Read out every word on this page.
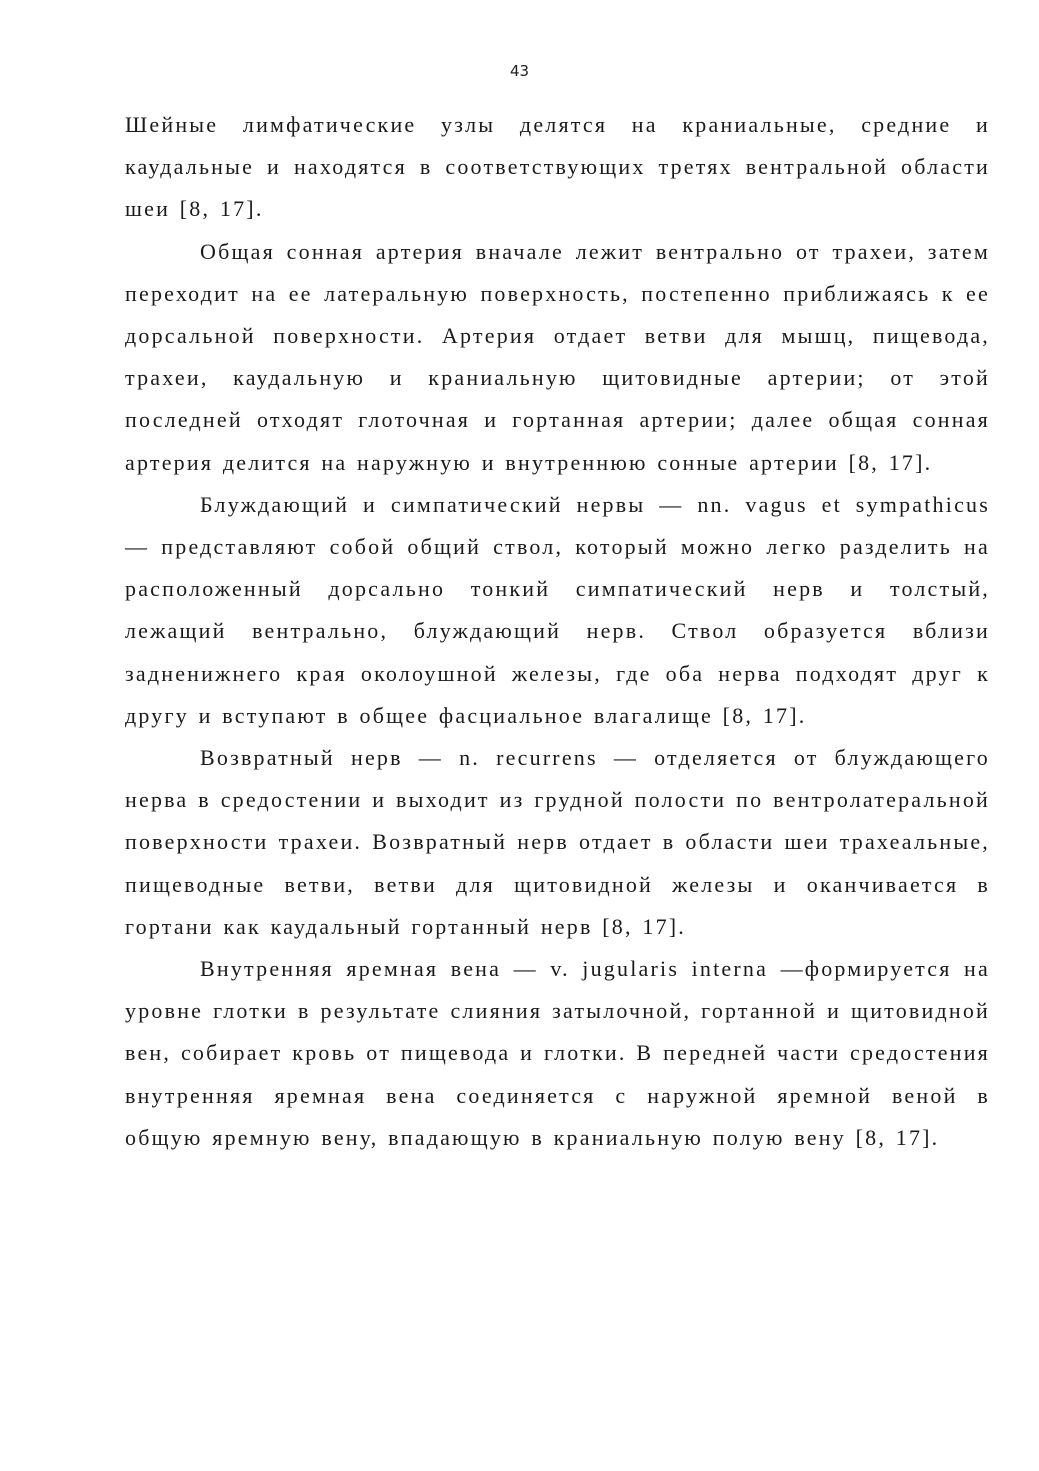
43

Шейные лимфатические узлы делятся на краниальные, средние и каудальные и находятся в соответствующих третях вентральной области шеи [8, 17].

Общая сонная артерия вначале лежит вентрально от трахеи, затем переходит на ее латеральную поверхность, постепенно приближаясь к ее дорсальной поверхности. Артерия отдает ветви для мышц, пищевода, трахеи, каудальную и краниальную щитовидные артерии; от этой последней отходят глоточная и гортанная артерии; далее общая сонная артерия делится на наружную и внутреннюю сонные артерии [8, 17].

Блуждающий и симпатический нервы — nn. vagus et sympathicus — представляют собой общий ствол, который можно легко разделить на расположенный дорсально тонкий симпатический нерв и толстый, лежащий вентрально, блуждающий нерв. Ствол образуется вблизи задненижнего края околоушной железы, где оба нерва подходят друг к другу и вступают в общее фасциальное влагалище [8, 17].

Возвратный нерв — n. recurrens — отделяется от блуждающего нерва в средостении и выходит из грудной полости по вентролатеральной поверхности трахеи. Возвратный нерв отдает в области шеи трахеальные, пищеводные ветви, ветви для щитовидной железы и оканчивается в гортани как каудальный гортанный нерв [8, 17].

Внутренняя яремная вена — v. jugularis interna —формируется на уровне глотки в результате слияния затылочной, гортанной и щитовидной вен, собирает кровь от пищевода и глотки. В передней части средостения внутренняя яремная вена соединяется с наружной яремной веной в общую яремную вену, впадающую в краниальную полую вену [8, 17].
